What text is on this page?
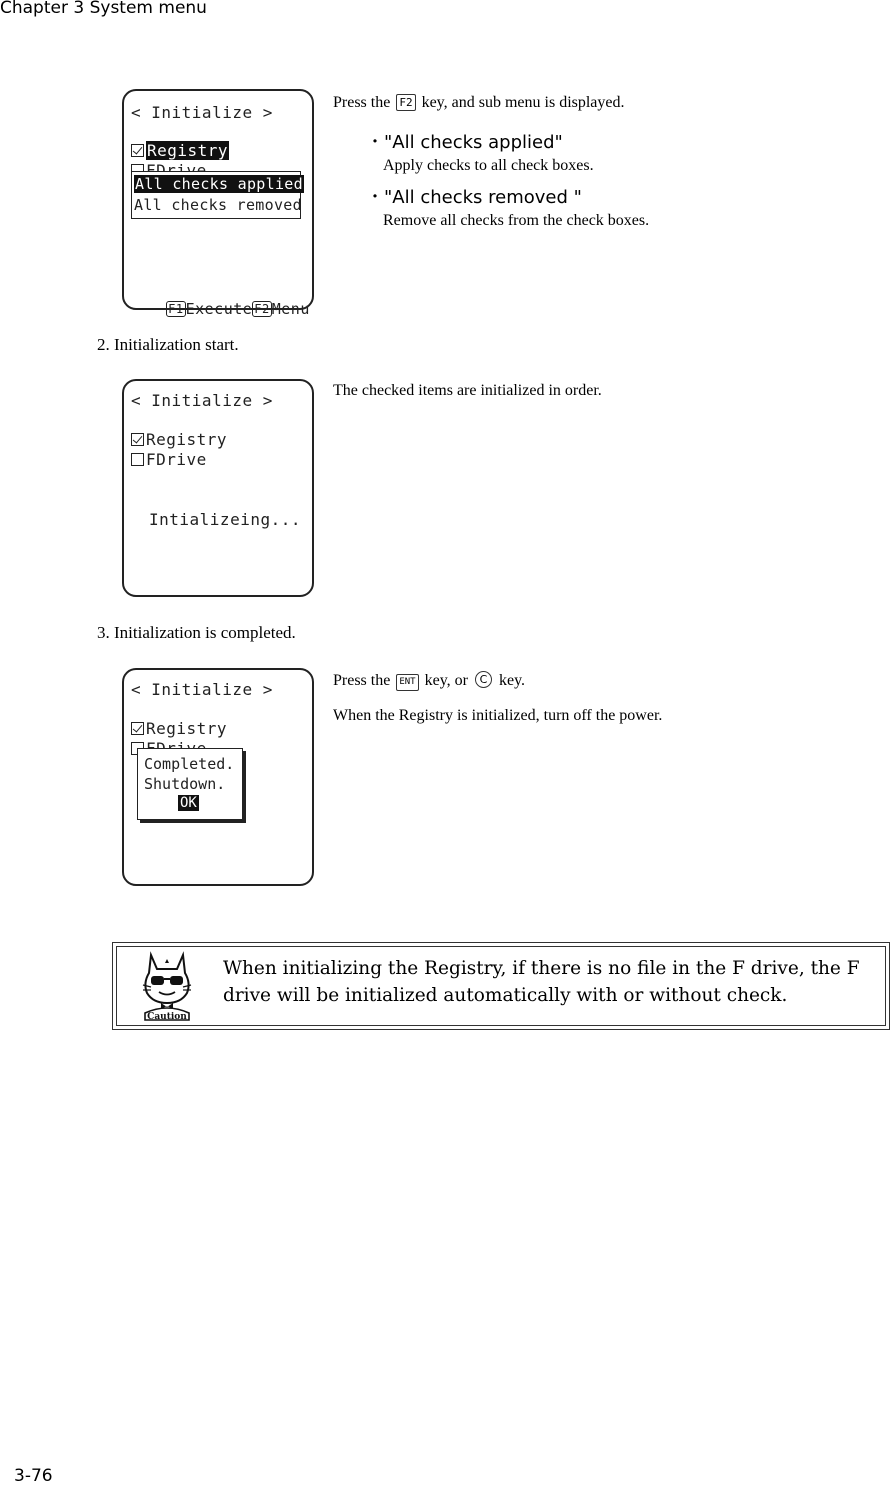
Chapter 3 System menu
< Initialize >
Registry
All checks applied
All checks removed

F1 Execute F2 Menu

Press the F2 key, and sub menu is displayed.
・"All checks applied"
Apply checks to all check boxes.
・"All checks removed "
Remove all checks from the check boxes.
2. Initialization start.
< Initialize >
Registry
FDrive
Intializeing...
The checked items are initialized in order.
3. Initialization is completed.
< Initialize >
Registry
Completed.
Shutdown.
OK
Press the ENT key, or C key.
When the Registry is initialized, turn off the power.
Caution
When initializing the Registry, if there is no file in the F drive, the F drive will be initialized automatically with or without check.
3-76
